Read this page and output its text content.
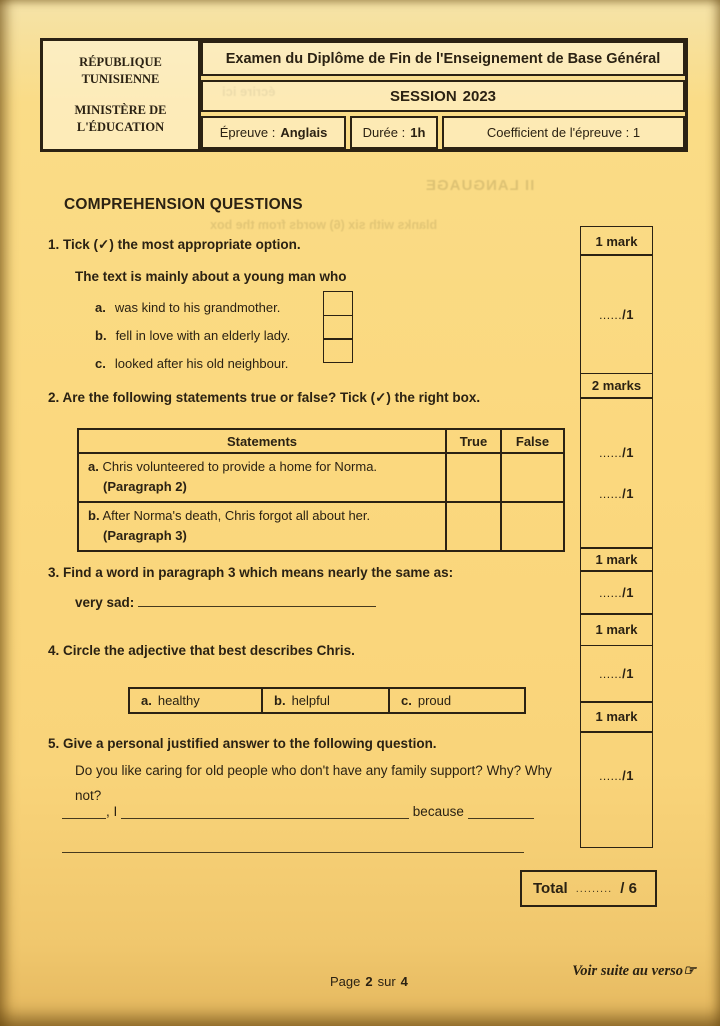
II LANGUAGE
blanks with six (6) words from the box
RÉPUBLIQUE
TUNISIENNE
MINISTÈRE DE
L'ÉDUCATION
Examen du Diplôme de Fin de l'Enseignement de Base Général
SESSION 2023
Épreuve : Anglais	Durée : 1h	Coefficient de l'épreuve : 1
COMPREHENSION QUESTIONS
1. Tick (✓) the most appropriate option.
The text is mainly about a young man who
a. was kind to his grandmother.
b. fell in love with an elderly lady.
c. looked after his old neighbour.
2. Are the following statements true or false? Tick (✓) the right box.
Statements	True	False

a. Chris volunteered to provide a home for Norma.
(Paragraph 2)		

b. After Norma's death, Chris forgot all about her.
(Paragraph 3)		

3. Find a word in paragraph 3 which means nearly the same as:
very sad:
4. Circle the adjective that best describes Chris.
a. healthy	b. helpful	c. proud
5. Give a personal justified answer to the following question.
Do you like caring for old people who don't have any family support? Why? Why not?
, I

	because

1 mark
....../1
2 marks
....../1
....../1
1 mark
....../1
1 mark
....../1
1 mark
....../1
Total ......... / 6
Page 2 sur 4
Voir suite au verso☞
